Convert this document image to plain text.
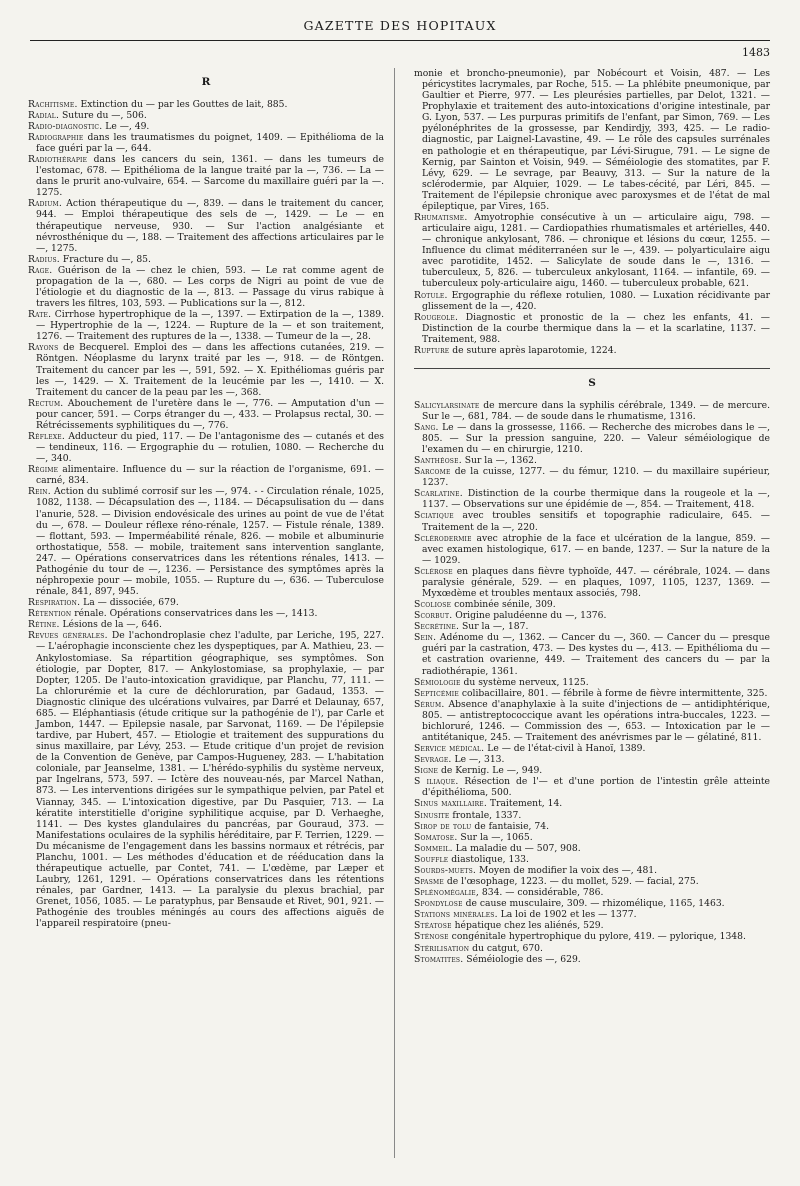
GAZETTE DES HOPITAUX
1483
R

Rachitisme. Extinction du — par les Gouttes de lait, 885.

Radial. Suture du —, 506.

Radio-diagnostic. Le —, 49.

Radiographie dans les traumatismes du poignet, 1409. — Epithélioma de la face guéri par la —, 644.

Radiothérapie dans les cancers du sein, 1361. — dans les tumeurs de l'estomac, 678. — Epithélioma de la langue traité par la —, 736. — La — dans le prurit ano-vulvaire, 654. — Sarcome du maxillaire guéri par la —. 1275.

Radium. Action thérapeutique du —, 839. — dans le traitement du cancer, 944. — Emploi thérapeutique des sels de —, 1429. — Le — en thérapeutique nerveuse, 930. — Sur l'action analgésiante et névrosthénique du —, 188. — Traitement des affections articulaires par le —, 1275.

Radius. Fracture du —, 85.

Rage. Guérison de la — chez le chien, 593. — Le rat comme agent de propagation de la —, 680. — Les corps de Nigri au point de vue de l'étiologie et du diagnostic de la —, 813. — Passage du virus rabique à travers les filtres, 103, 593. — Publications sur la —, 812.

Rate. Cirrhose hypertrophique de la —, 1397. — Extirpation de la —, 1389. — Hypertrophie de la —, 1224. — Rupture de la — et son traitement, 1276. — Traitement des ruptures de la —, 1338. — Tumeur de la —, 28.

Rayons de Becquerel. Emploi des — dans les affections cutanées, 219. — Röntgen. Néoplasme du larynx traité par les —, 918. — de Röntgen. Traitement du cancer par les —, 591, 592. — X. Epithéliomas guéris par les —, 1429. — X. Traitement de la leucémie par les —, 1410. — X. Traitement du cancer de la peau par les —, 368.

Rectum. Abouchement de l'uretère dans le —, 776. — Amputation d'un — pour cancer, 591. — Corps étranger du —, 433. — Prolapsus rectal, 30. — Rétrécissements syphilitiques du —, 776.

Réflexe. Adducteur du pied, 117. — De l'antagonisme des — cutanés et des — tendineux, 116. — Ergographie du — rotulien, 1080. — Recherche du —, 340.

Régime alimentaire. Influence du — sur la réaction de l'organisme, 691. — carné, 834.

Rein. Action du sublimé corrosif sur les —, 974. - - Circulation rénale, 1025, 1082, 1138. — Décapsulation des —, 1184. — Décapsulisation du — dans l'anurie, 528. — Division endovésicale des urines au point de vue de l'état du —, 678. — Douleur réflexe réno-rénale, 1257. — Fistule rénale, 1389. — flottant, 593. — Imperméabilité rénale, 826. — mobile et albuminurie orthostatique, 558. — mobile, traitement sans intervention sanglante, 247. — Opérations conservatrices dans les rétentions rénales, 1413. — Pathogénie du tour de —, 1236. — Persistance des symptômes après la néphropexie pour — mobile, 1055. — Rupture du —, 636. — Tuberculose rénale, 841, 897, 945.

Respiration. La — dissociée, 679.

Rétention rénale. Opérations conservatrices dans les —, 1413.

Rétine. Lésions de la —, 646.

Revues générales. De l'achondroplasie chez l'adulte, par Leriche, 195, 227. — L'aérophagie inconsciente chez les dyspeptiques, par A. Mathieu, 23. — Ankylostomiase. Sa répartition géographique, ses symptômes. Son étiologie, par Dopter, 817. — Ankylostomiase, sa prophylaxie, — par Dopter, 1205. De l'auto-intoxication gravidique, par Planchu, 77, 111. — La chlorurémie et la cure de déchloruration, par Gadaud, 1353. — Diagnostic clinique des ulcérations vulvaires, par Darré et Delaunay, 657, 685. — Eléphantiasis (étude critique sur la pathogénie de l'), par Carle et Jambon, 1447. — Epilepsie nasale, par Sarvonat, 1169. — De l'épilepsie tardive, par Hubert, 457. — Etiologie et traitement des suppurations du sinus maxillaire, par Lévy, 253. — Etude critique d'un projet de revision de la Convention de Genève, par Campos-Hugueney, 283. — L'habitation coloniale, par Jeanselme, 1381. — L'hérédo-syphilis du système nerveux, par Ingelrans, 573, 597. — Ictère des nouveau-nés, par Marcel Nathan, 873. — Les interventions dirigées sur le sympathique pelvien, par Patel et Viannay, 345. — L'intoxication digestive, par Du Pasquier, 713. — La kératite interstitielle d'origine syphilitique acquise, par D. Verhaeghe, 1141. — Des kystes glandulaires du pancréas, par Gouraud, 373. — Manifestations oculaires de la syphilis héréditaire, par F. Terrien, 1229. — Du mécanisme de l'engagement dans les bassins normaux et rétrécis, par Planchu, 1001. — Les méthodes d'éducation et de rééducation dans la thérapeutique actuelle, par Contet, 741. — L'œdème, par Læper et Laubry, 1261, 1291. — Opérations conservatrices dans les rétentions rénales, par Gardner, 1413. — La paralysie du plexus brachial, par Grenet, 1056, 1085. — Le paratyphus, par Bensaude et Rivet, 901, 921. — Pathogénie des troubles méningés au cours des affections aiguës de l'appareil respiratoire (pneu-

monie et broncho-pneumonie), par Nobécourt et Voisin, 487. — Les péricystites lacrymales, par Roche, 515. — La phlébite pneumonique, par Gaultier et Pierre, 977. — Les pleurésies partielles, par Delot, 1321. — Prophylaxie et traitement des auto-intoxications d'origine intestinale, par G. Lyon, 537. — Les purpuras primitifs de l'enfant, par Simon, 769. — Les pyélonéphrites de la grossesse, par Kendirdjy, 393, 425. — Le radio-diagnostic, par Laignel-Lavastine, 49. — Le rôle des capsules surrénales en pathologie et en thérapeutique, par Lévi-Sirugue, 791. — Le signe de Kernig, par Sainton et Voisin, 949. — Séméiologie des stomatites, par F. Lévy, 629. — Le sevrage, par Beauvy, 313. — Sur la nature de la sclérodermie, par Alquier, 1029. — Le tabes-cécité, par Léri, 845. — Traitement de l'épilepsie chronique avec paroxysmes et de l'état de mal épileptique, par Vires, 165.

Rhumatisme. Amyotrophie consécutive à un — articulaire aigu, 798. — articulaire aigu, 1281. — Cardiopathies rhumatismales et artérielles, 440. — chronique ankylosant, 786. — chronique et lésions du cœur, 1255. — Influence du climat méditerranéen sur le —, 439. — polyarticulaire aigu avec parotidite, 1452. — Salicylate de soude dans le —, 1316. — tuberculeux, 5, 826. — tuberculeux ankylosant, 1164. — infantile, 69. — tuberculeux poly-articulaire aigu, 1460. — tuberculeux probable, 621.

Rotule. Ergographie du réflexe rotulien, 1080. — Luxation récidivante par glissement de la —, 420.

Rougeole. Diagnostic et pronostic de la — chez les enfants, 41. — Distinction de la courbe thermique dans la — et la scarlatine, 1137. — Traitement, 988.

Rupture de suture après laparotomie, 1224.

S

Salicylarsinate de mercure dans la syphilis cérébrale, 1349. — de mercure. Sur le —, 681, 784. — de soude dans le rhumatisme, 1316.

Sang. Le — dans la grossesse, 1166. — Recherche des microbes dans le —, 805. — Sur la pression sanguine, 220. — Valeur séméiologique de l'examen du — en chirurgie, 1210.

Santhéose. Sur la —, 1362.

Sarcome de la cuisse, 1277. — du fémur, 1210. — du maxillaire supérieur, 1237.

Scarlatine. Distinction de la courbe thermique dans la rougeole et la —, 1137. — Observations sur une épidémie de —, 854. — Traitement, 418.

Sciatique avec troubles sensitifs et topographie radiculaire, 645. — Traitement de la —, 220.

Sclérodermie avec atrophie de la face et ulcération de la langue, 859. — avec examen histologique, 617. — en bande, 1237. — Sur la nature de la — 1029.

Sclérose en plaques dans fièvre typhoïde, 447. — cérébrale, 1024. — dans paralysie générale, 529. — en plaques, 1097, 1105, 1237, 1369. — Myxœdème et troubles mentaux associés, 798.

Scoliose combinée sénile, 309.

Scorbut. Origine paludéenne du —, 1376.

Secrétine. Sur la —, 187.

Sein. Adénome du —, 1362. — Cancer du —, 360. — Cancer du — presque guéri par la castration, 473. — Des kystes du —, 413. — Epithélioma du — et castration ovarienne, 449. — Traitement des cancers du — par la radiothérapie, 1361.

Séміologie du système nerveux, 1125.

Septicémie colibacillaire, 801. — fébrile à forme de fièvre intermittente, 325.

Sérum. Absence d'anaphylaxie à la suite d'injections de — antidiphtérique, 805. — antistreptococcique avant les opérations intra-buccales, 1223. — bichloruré, 1246. — Commission des —, 653. — Intoxication par le — antitétanique, 245. — Traitement des anévrismes par le — gélatiné, 811.

Service médical. Le — de l'état-civil à Hanoï, 1389.

Sevrage. Le —, 313.

Signe de Kernig. Le —, 949.

S iliaque. Résection de l'— et d'une portion de l'intestin grêle atteinte d'épithélioma, 500.

Sinus maxillaire. Traitement, 14.

Sinusite frontale, 1337.

Sirop de tolu de fantaisie, 74.

Somatose. Sur la —, 1065.

Sommeil. La maladie du — 507, 908.

Souffle diastolique, 133.

Sourds-muets. Moyen de modifier la voix des —, 481.

Spasme de l'œsophage, 1223. — du mollet, 529. — facial, 275.

Splénomégalie, 834. — considérable, 786.

Spondylose de cause musculaire, 309. — rhizomélique, 1165, 1463.

Stations minérales. La loi de 1902 et les — 1377.

Stéatose hépatique chez les aliénés, 529.

Sténose congénitale hypertrophique du pylore, 419. — pylorique, 1348.

Stérilisation du catgut, 670.

Stomatites. Séméiologie des —, 629.
